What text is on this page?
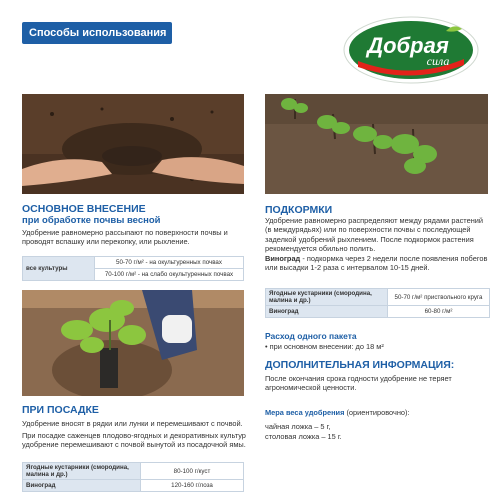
Способы использования	Добрая
сила
ОСНОВНОЕ ВНЕСЕНИЕ
при обработке почвы весной
Удобрение равномерно рассыпают по поверхности почвы и проводят вспашку или перекопку, или рыхление.
все культуры	50-70 г/м² - на окультуренных почвах
70-100 г/м² - на слабо окультуренных почвах
ПОДКОРМКИ
Удобрение равномерно распределяют между рядами растений (в междурядьях) или по поверхности почвы с последующей заделкой удобрений рыхлением. После подкормок растения рекомендуется обильно полить.
Виноград - подкормка через 2 недели после появления побегов или высадки 1-2 раза с интервалом 10-15 дней.
Ягодные кустарники (смородина, малина и др.)	50-70 г/м² приствольного круга
Виноград	60-80 г/м²
Расход одного пакета
• при основном внесении: до 18 м²
ДОПОЛНИТЕЛЬНАЯ ИНФОРМАЦИЯ:
После окончания срока годности удобрение не теряет агрономической ценности.
Мера веса удобрения (ориентировочно):
чайная ложка – 5 г,
столовая ложка – 15 г.
ПРИ ПОСАДКЕ
Удобрение вносят в рядки или лунки и перемешивают с почвой.
При посадке саженцев плодово-ягодных и декоративных культур удобрение перемешивают с почвой вынутой из посадочной ямы.
Ягодные кустарники (смородина, малина и др.)	80-100 г/куст
Виноград	120-160 г/лоза
